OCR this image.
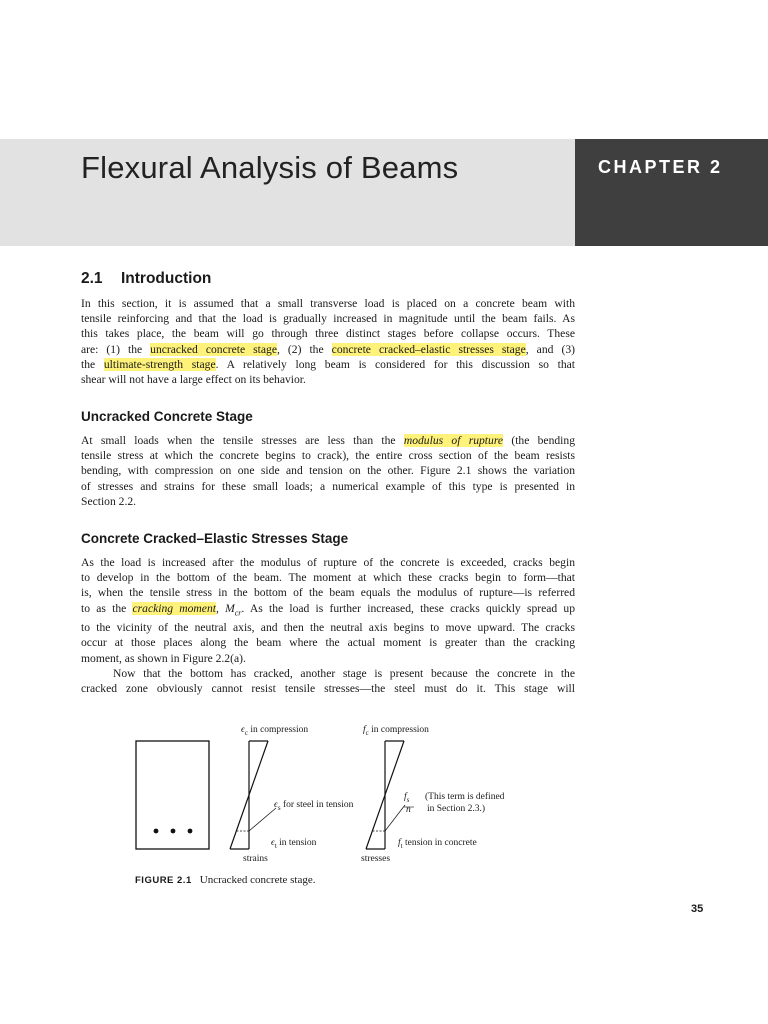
Flexural Analysis of Beams	CHAPTER 2
2.1 Introduction
In this section, it is assumed that a small transverse load is placed on a concrete beam with
tensile reinforcing and that the load is gradually increased in magnitude until the beam fails. As
this takes place, the beam will go through three distinct stages before collapse occurs. These
are: (1) the uncracked concrete stage, (2) the concrete cracked–elastic stresses stage, and (3)
the ultimate-strength stage. A relatively long beam is considered for this discussion so that
shear will not have a large effect on its behavior.
Uncracked Concrete Stage
At small loads when the tensile stresses are less than the modulus of rupture (the bending
tensile stress at which the concrete begins to crack), the entire cross section of the beam resists
bending, with compression on one side and tension on the other. Figure 2.1 shows the variation
of stresses and strains for these small loads; a numerical example of this type is presented in
Section 2.2.
Concrete Cracked–Elastic Stresses Stage
As the load is increased after the modulus of rupture of the concrete is exceeded, cracks begin
to develop in the bottom of the beam. The moment at which these cracks begin to form—that
is, when the tensile stress in the bottom of the beam equals the modulus of rupture—is referred
to as the cracking moment, $M_{cr}$. As the load is further increased, these cracks quickly spread up
to the vicinity of the neutral axis, and then the neutral axis begins to move upward. The cracks
occur at those places along the beam where the actual moment is greater than the cracking
moment, as shown in Figure 2.2(a).
Now that the bottom has cracked, another stage is present because the concrete in the
cracked zone obviously cannot resist tensile stresses—the steel must do it. This stage will
$\epsilon_c$ in compression	$f_c$ in compression
$\epsilon_s$ for steel in tension
$f_s$
n
(This term is defined
in Section 2.3.)
$\epsilon_t$ in tension	$f_t$ tension in concrete
strains	stresses
FIGURE 2.1 Uncracked concrete stage.
35
